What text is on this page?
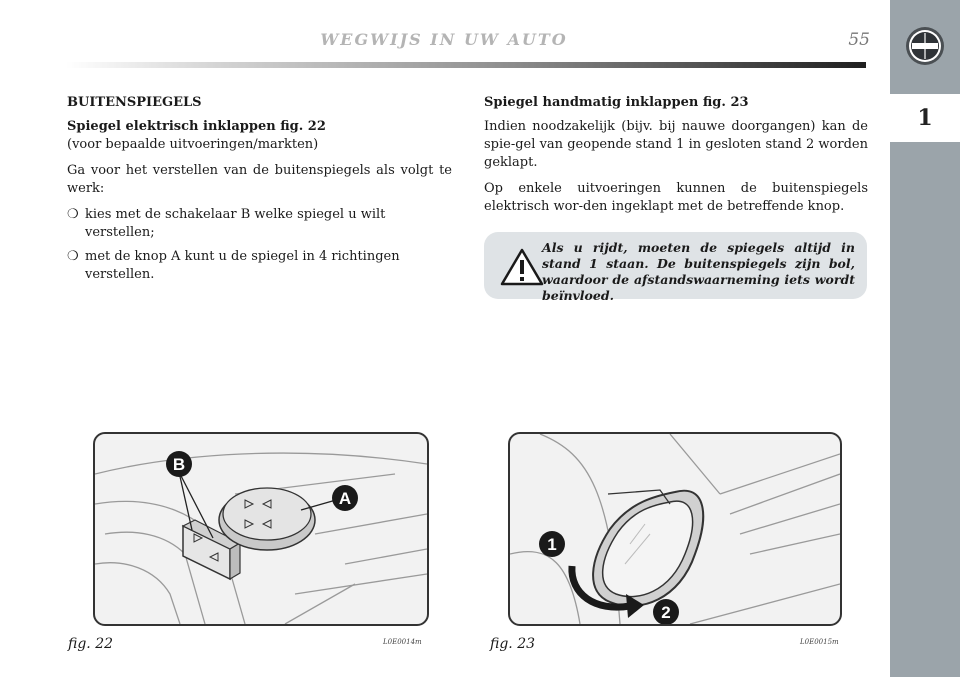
WEGWIJS IN UW AUTO	55
1

BUITENSPIEGELS

Spiegel elektrisch inklappen fig. 22

(voor bepaalde uitvoeringen/markten)

Ga voor het verstellen van de buitenspiegels als volgt te werk:

❍ kies met de schakelaar B welke spiegel u wilt verstellen;
❍ met de knop A kunt u de spiegel in 4 richtingen verstellen.

Spiegel handmatig inklappen fig. 23

Indien noodzakelijk (bijv. bij nauwe doorgangen) kan de spie-gel van geopende stand 1 in gesloten stand 2 worden geklapt.

Op enkele uitvoeringen kunnen de buitenspiegels elektrisch wor-den ingeklapt met de betreffende knop.

Als u rijdt, moeten de spiegels altijd in stand 1 staan. De buitenspiegels zijn bol, waardoor de afstandswaarneming iets wordt beïnvloed.
B
A
fig. 22	L0E0014m
1
2
fig. 23	L0E0015m
